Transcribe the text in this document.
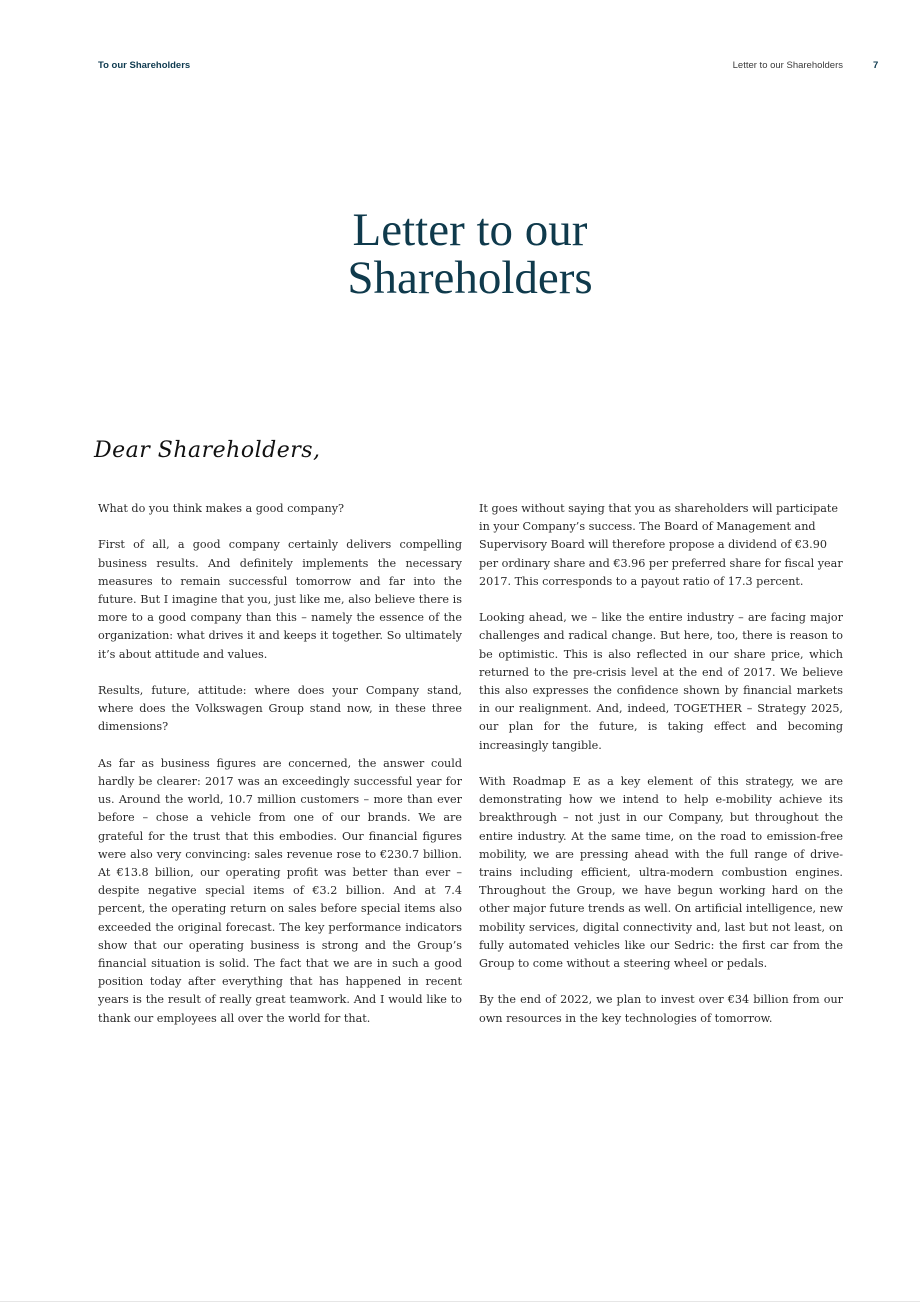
To our Shareholders	Letter to our Shareholders	7
Letter to our
Shareholders
Dear Shareholders,

What do you think makes a good company?

First of all, a good company certainly delivers compelling business results. And definitely implements the necessary measures to remain successful tomorrow and far into the future. But I imagine that you, just like me, also believe there is more to a good company than this – namely the essence of the organization: what drives it and keeps it together. So ultimately it’s about attitude and values.

Results, future, attitude: where does your Company stand, where does the Volkswagen Group stand now, in these three dimensions?

As far as business figures are concerned, the answer could hardly be clearer: 2017 was an exceedingly successful year for us. Around the world, 10.7 million customers – more than ever before – chose a vehicle from one of our brands. We are grateful for the trust that this embodies. Our financial figures were also very convincing: sales revenue rose to €230.7 billion. At €13.8 billion, our operating profit was better than ever – despite negative special items of €3.2 billion. And at 7.4 percent, the operating return on sales before special items also exceeded the original forecast. The key performance indicators show that our operating business is strong and the Group’s financial situation is solid. The fact that we are in such a good position today after everything that has happened in recent years is the result of really great teamwork. And I would like to thank our employees all over the world for that.

It goes without saying that you as shareholders will participate in your Company’s success. The Board of Management and Supervisory Board will therefore propose a dividend of €3.90 per ordinary share and €3.96 per preferred share for fiscal year 2017. This corresponds to a payout ratio of 17.3 percent.

Looking ahead, we – like the entire industry – are facing major challenges and radical change. But here, too, there is reason to be optimistic. This is also reflected in our share price, which returned to the pre-crisis level at the end of 2017. We believe this also expresses the confidence shown by financial markets in our realignment. And, indeed, TOGETHER – Strategy 2025, our plan for the future, is taking effect and becoming increasingly tangible.

With Roadmap E as a key element of this strategy, we are demonstrating how we intend to help e-mobility achieve its breakthrough – not just in our Company, but throughout the entire industry. At the same time, on the road to emission-free mobility, we are pressing ahead with the full range of drive-trains including efficient, ultra-modern combustion engines. Throughout the Group, we have begun working hard on the other major future trends as well. On artificial intelligence, new mobility services, digital connectivity and, last but not least, on fully automated vehicles like our Sedric: the first car from the Group to come without a steering wheel or pedals.

By the end of 2022, we plan to invest over €34 billion from our own resources in the key technologies of tomorrow.
